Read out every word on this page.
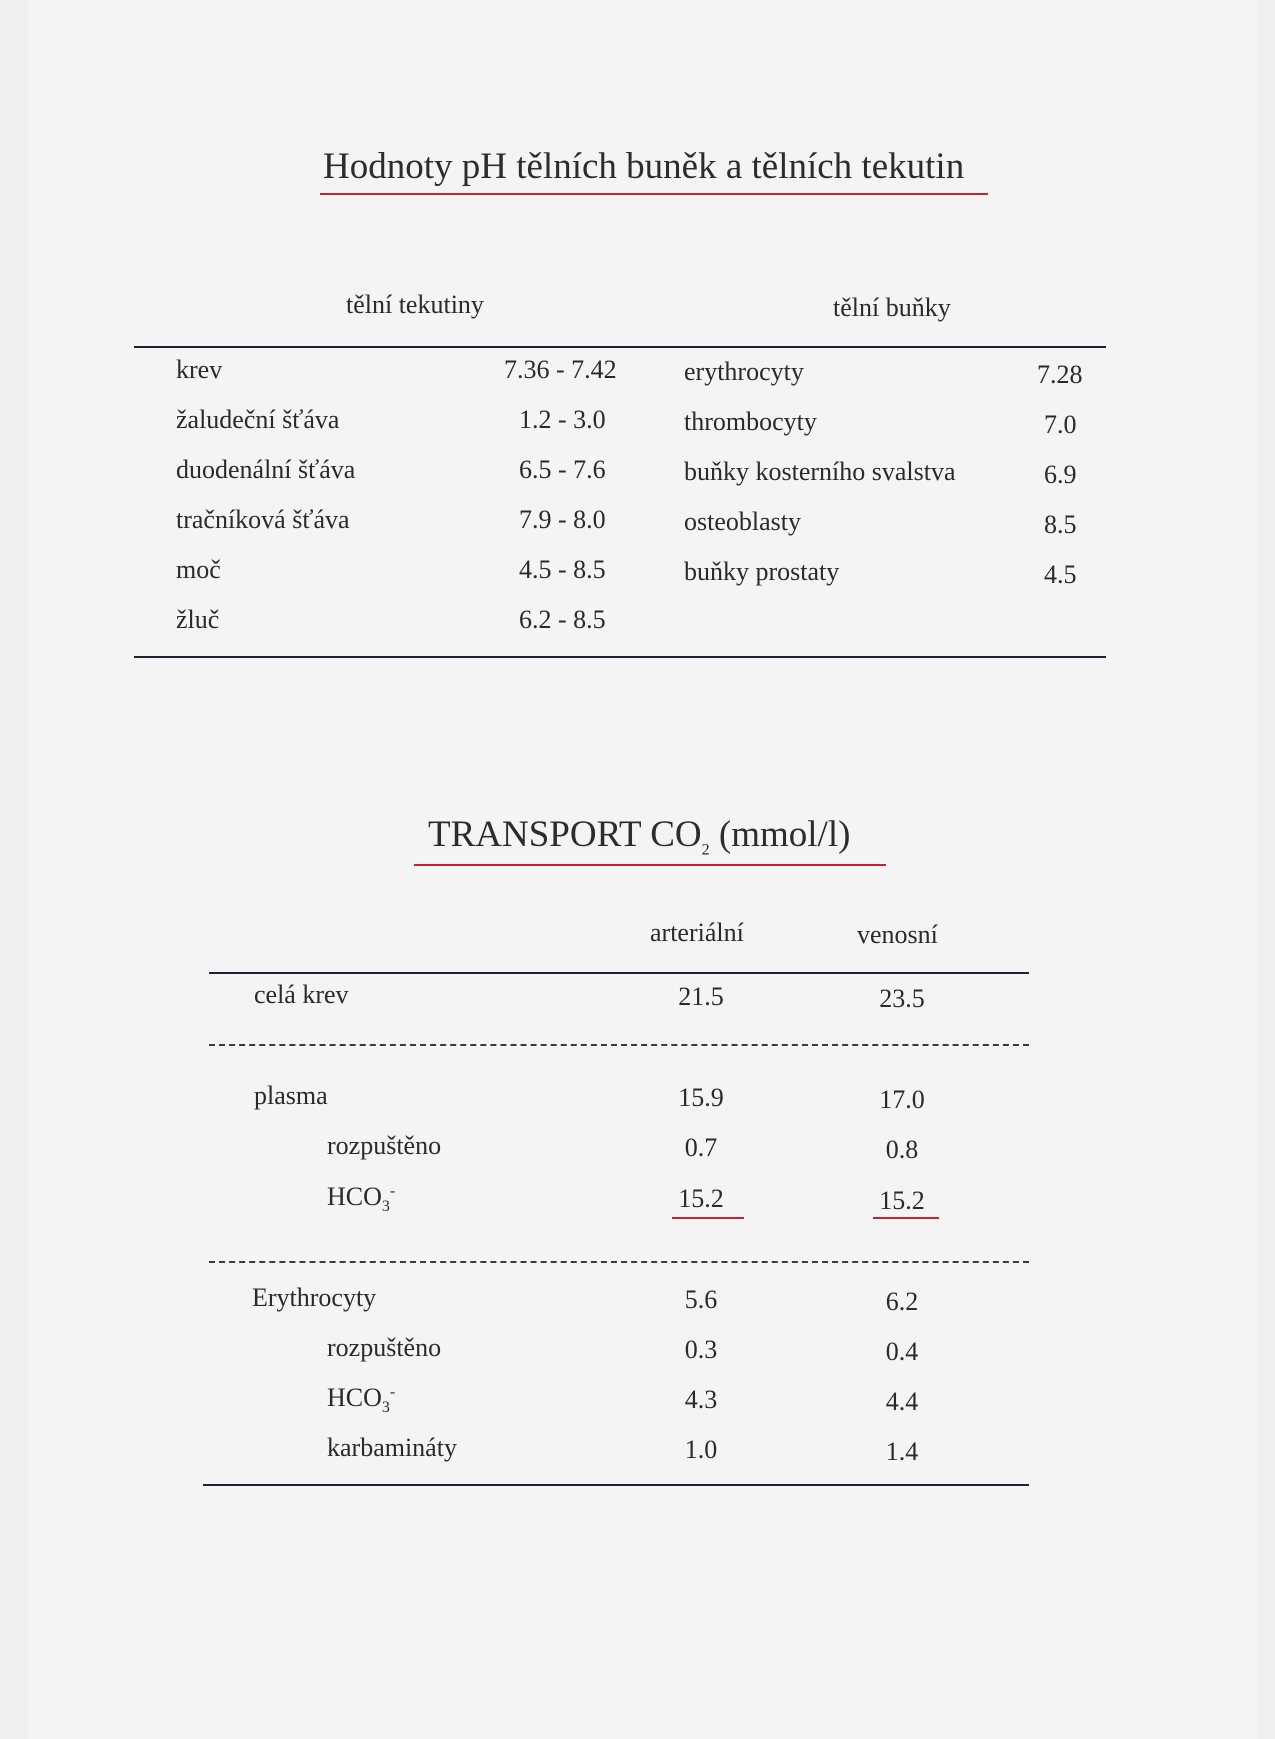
Hodnoty pH tělních buněk a tělních tekutin
tělní tekutiny	tělní buňky
krev	7.36 - 7.42
žaludeční šťáva	1.2 - 3.0
duodenální šťáva	6.5 - 7.6
tračníková šťáva	7.9 - 8.0
moč	4.5 - 8.5
žluč	6.2 - 8.5
erythrocyty	7.28
thrombocyty	7.0
buňky kosterního svalstva	6.9
osteoblasty	8.5
buňky prostaty	4.5
TRANSPORT $CO_2$ (mmol/l)
arteriální	venosní
celá krev	21.5	23.5
plasma	15.9	17.0
rozpuštěno	0.7	0.8
$HCO_3^-$	15.2	15.2
Erythrocyty	5.6	6.2
rozpuštěno	0.3	0.4
$HCO_3^-$	4.3	4.4
karbamináty	1.0	1.4
